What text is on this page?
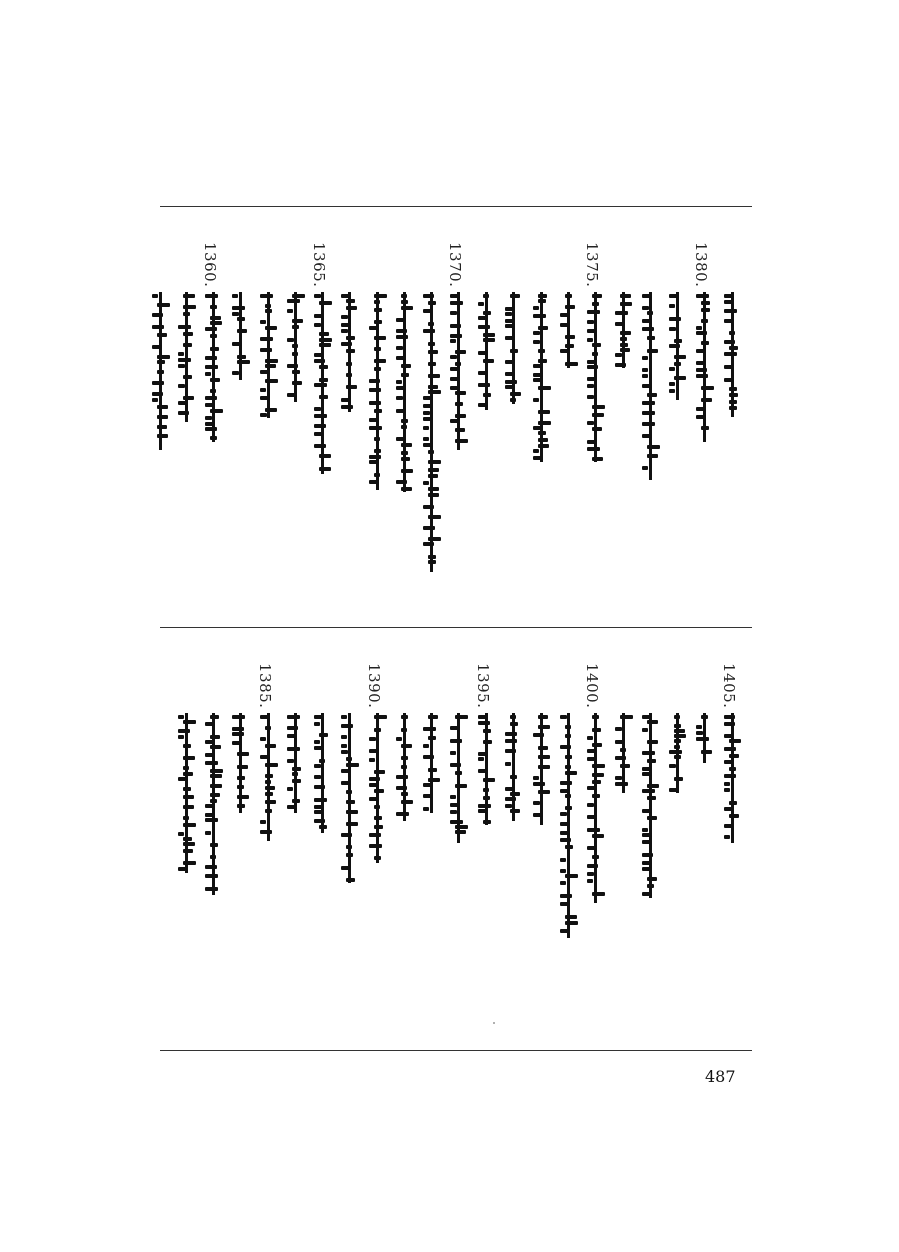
1380.
1375.
1370.
1365.
1360.
1405.
1400.
1395.
1390.
1385.
487
